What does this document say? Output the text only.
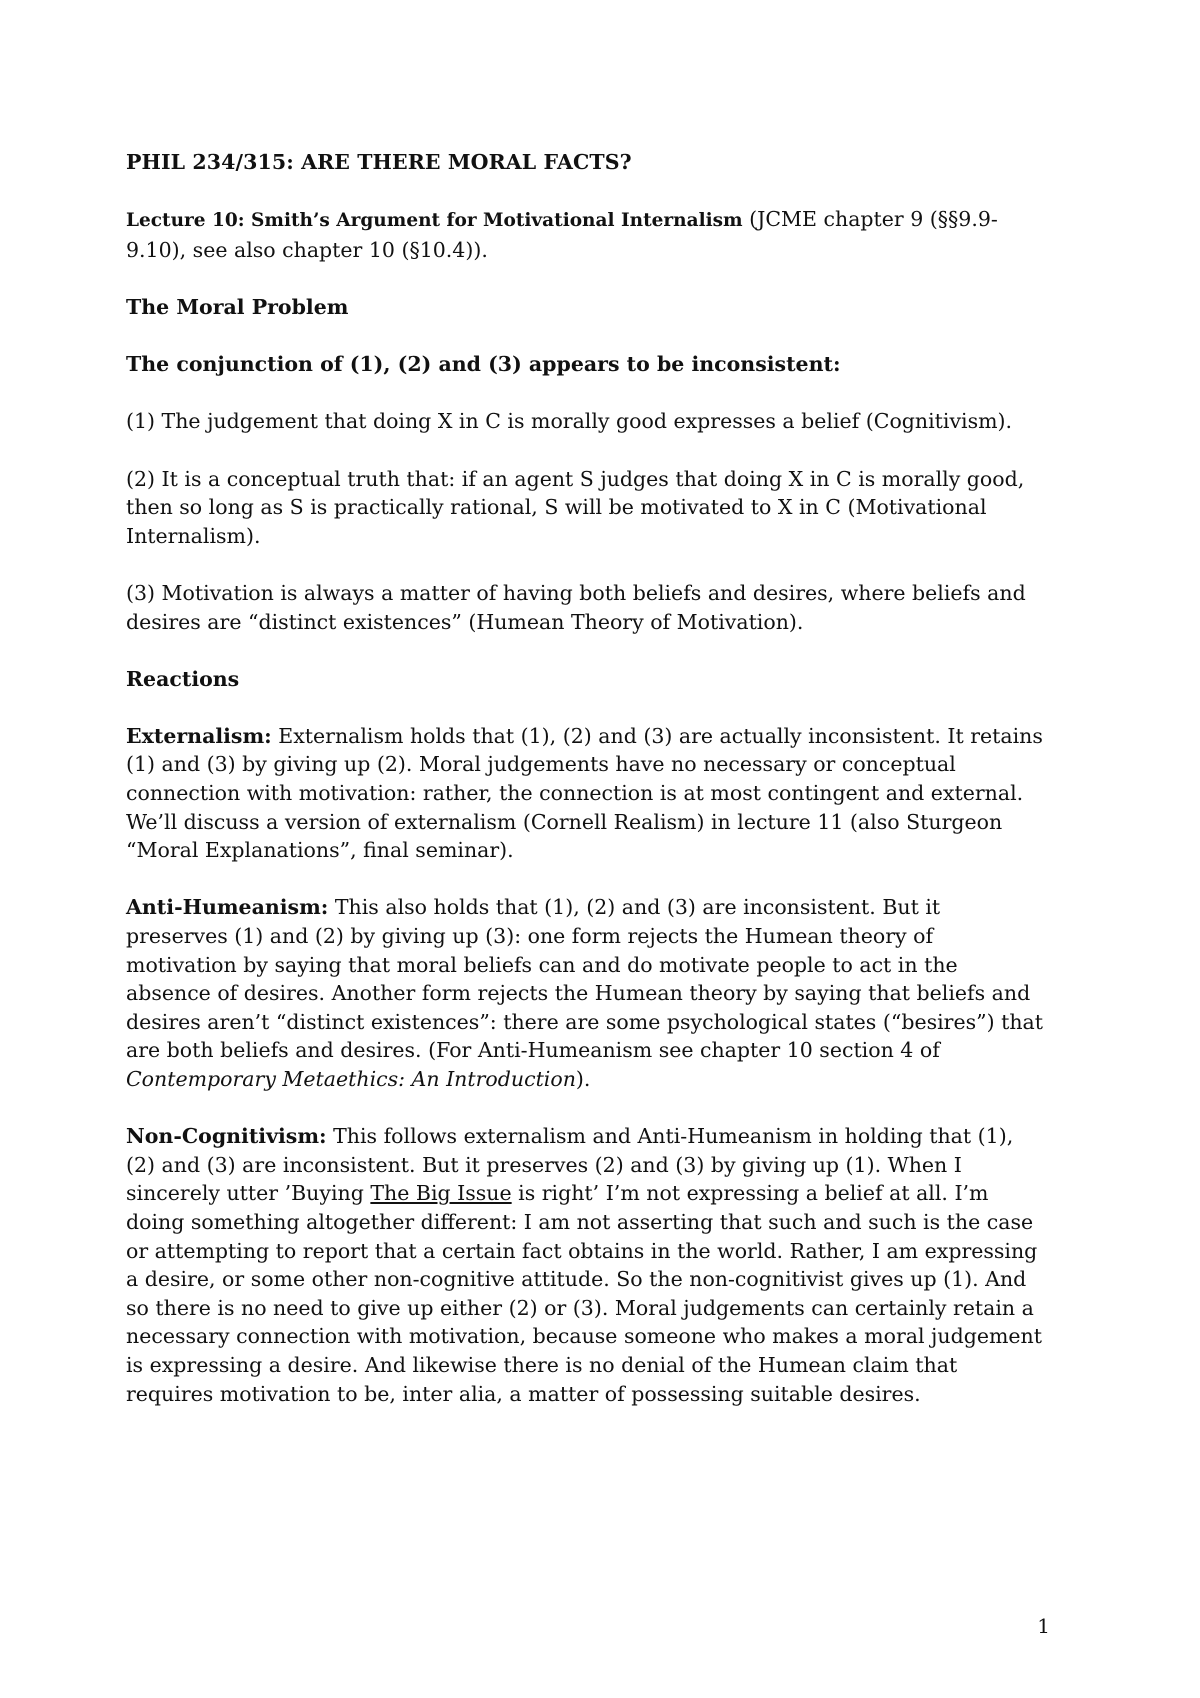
PHIL 234/315: ARE THERE MORAL FACTS?

Lecture 10: Smith’s Argument for Motivational Internalism (JCME chapter 9 (§§9.9-9.10), see also chapter 10 (§10.4)).

The Moral Problem

The conjunction of (1), (2) and (3) appears to be inconsistent:

(1) The judgement that doing X in C is morally good expresses a belief (Cognitivism).

(2) It is a conceptual truth that: if an agent S judges that doing X in C is morally good, then so long as S is practically rational, S will be motivated to X in C (Motivational Internalism).

(3) Motivation is always a matter of having both beliefs and desires, where beliefs and desires are “distinct existences” (Humean Theory of Motivation).

Reactions

Externalism: Externalism holds that (1), (2) and (3) are actually inconsistent. It retains (1) and (3) by giving up (2). Moral judgements have no necessary or conceptual connection with motivation: rather, the connection is at most contingent and external. We’ll discuss a version of externalism (Cornell Realism) in lecture 11 (also Sturgeon “Moral Explanations”, final seminar).

Anti-Humeanism: This also holds that (1), (2) and (3) are inconsistent. But it preserves (1) and (2) by giving up (3): one form rejects the Humean theory of motivation by saying that moral beliefs can and do motivate people to act in the absence of desires. Another form rejects the Humean theory by saying that beliefs and desires aren’t “distinct existences”: there are some psychological states (“besires”) that are both beliefs and desires. (For Anti-Humeanism see chapter 10 section 4 of Contemporary Metaethics: An Introduction).

Non-Cognitivism: This follows externalism and Anti-Humeanism in holding that (1), (2) and (3) are inconsistent. But it preserves (2) and (3) by giving up (1). When I sincerely utter ’Buying The Big Issue is right’ I’m not expressing a belief at all. I’m doing something altogether different: I am not asserting that such and such is the case or attempting to report that a certain fact obtains in the world. Rather, I am expressing a desire, or some other non-cognitive attitude. So the non-cognitivist gives up (1). And so there is no need to give up either (2) or (3). Moral judgements can certainly retain a necessary connection with motivation, because someone who makes a moral judgement is expressing a desire. And likewise there is no denial of the Humean claim that requires motivation to be, inter alia, a matter of possessing suitable desires.

1
